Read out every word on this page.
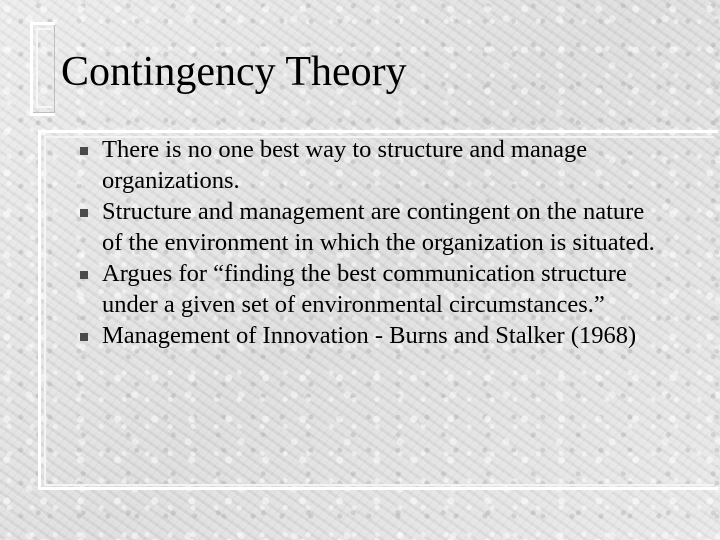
Contingency Theory
There is no one best way to structure and manage organizations.
Structure and management are contingent on the nature of the environment in which the organization is situated.
Argues for “finding the best communication structure under a given set of environmental circumstances.”
Management of Innovation - Burns and Stalker (1968)
